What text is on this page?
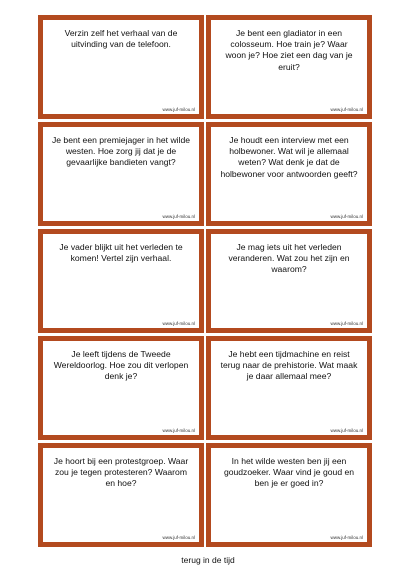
Verzin zelf het verhaal van de uitvinding van de telefoon.
www.juf-milou.nl
Je bent een gladiator in een colosseum. Hoe train je? Waar woon je? Hoe ziet een dag van je eruit?
www.juf-milou.nl
Je bent een premiejager in het wilde westen. Hoe zorg jij dat je de gevaarlijke bandieten vangt?
www.juf-milou.nl
Je houdt een interview met een holbewoner. Wat wil je allemaal weten? Wat denk je dat de holbewoner voor antwoorden geeft?
www.juf-milou.nl
Je vader blijkt uit het verleden te komen! Vertel zijn verhaal.
www.juf-milou.nl
Je mag iets uit het verleden veranderen. Wat zou het zijn en waarom?
www.juf-milou.nl
Je leeft tijdens de Tweede Wereldoorlog. Hoe zou dit verlopen denk je?
www.juf-milou.nl
Je hebt een tijdmachine en reist terug naar de prehistorie. Wat maak je daar allemaal mee?
www.juf-milou.nl
Je hoort bij een protestgroep. Waar zou je tegen protesteren? Waarom en hoe?
www.juf-milou.nl
In het wilde westen ben jij een goudzoeker. Waar vind je goud en ben je er goed in?
www.juf-milou.nl
terug in de tijd
